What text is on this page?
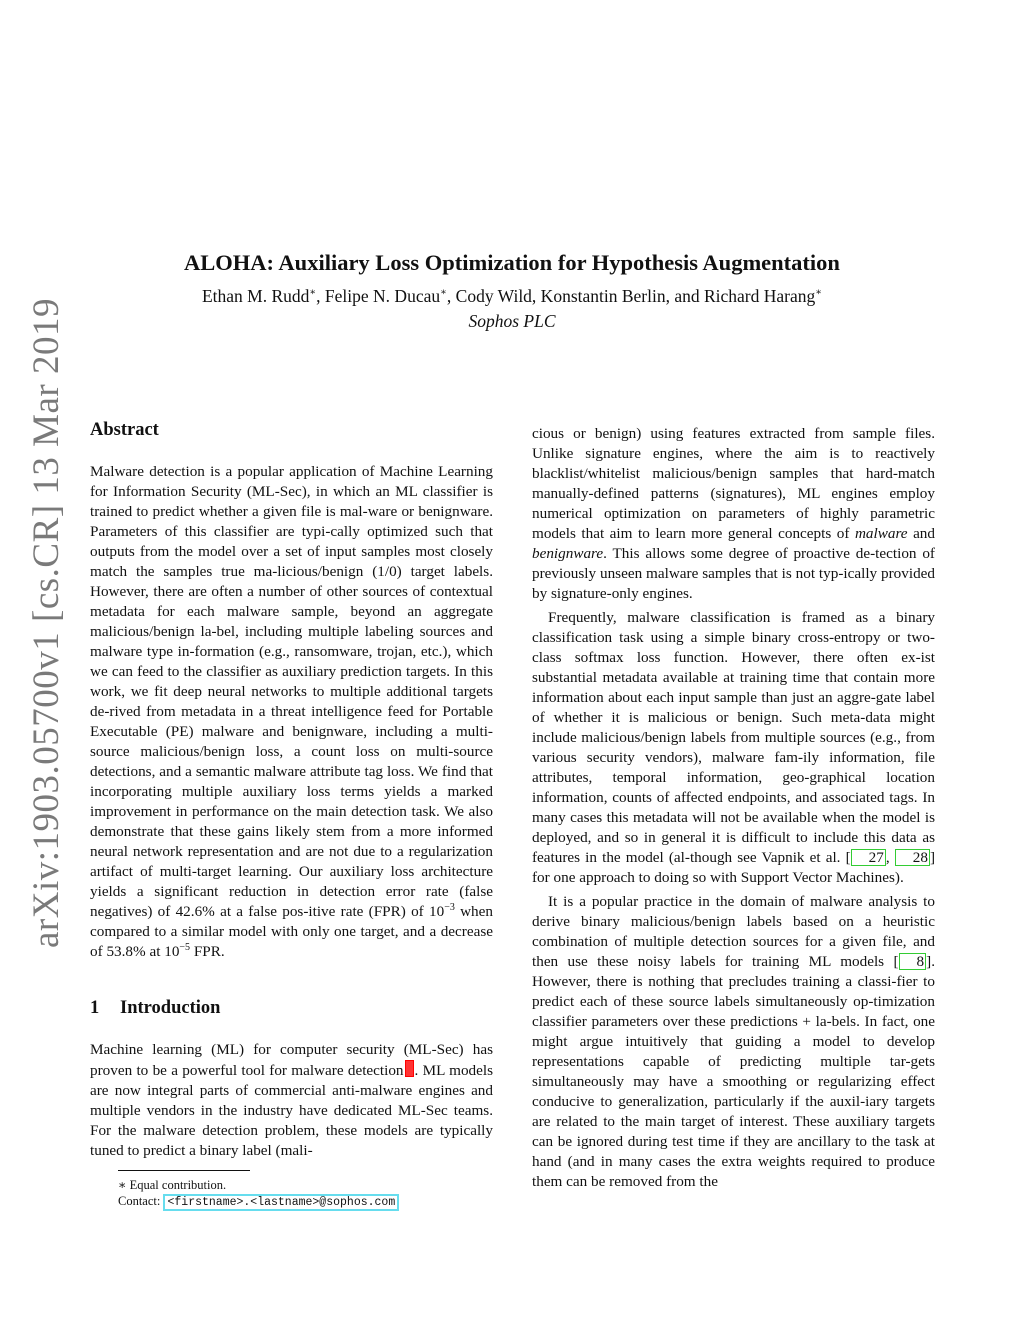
arXiv:1903.05700v1 [cs.CR] 13 Mar 2019
ALOHA: Auxiliary Loss Optimization for Hypothesis Augmentation
Ethan M. Rudd∗, Felipe N. Ducau∗, Cody Wild, Konstantin Berlin, and Richard Harang∗
Sophos PLC
Abstract

Malware detection is a popular application of Machine Learning for Information Security (ML-Sec), in which an ML classifier is trained to predict whether a given file is mal-ware or benignware. Parameters of this classifier are typi-cally optimized such that outputs from the model over a set of input samples most closely match the samples true ma-licious/benign (1/0) target labels. However, there are often a number of other sources of contextual metadata for each malware sample, beyond an aggregate malicious/benign la-bel, including multiple labeling sources and malware type in-formation (e.g., ransomware, trojan, etc.), which we can feed to the classifier as auxiliary prediction targets. In this work, we fit deep neural networks to multiple additional targets de-rived from metadata in a threat intelligence feed for Portable Executable (PE) malware and benignware, including a multi-source malicious/benign loss, a count loss on multi-source detections, and a semantic malware attribute tag loss. We find that incorporating multiple auxiliary loss terms yields a marked improvement in performance on the main detection task. We also demonstrate that these gains likely stem from a more informed neural network representation and are not due to a regularization artifact of multi-target learning. Our auxiliary loss architecture yields a significant reduction in detection error rate (false negatives) of 42.6% at a false pos-itive rate (FPR) of $10^{-3}$ when compared to a similar model with only one target, and a decrease of 53.8% at $10^{-5}$ FPR.

1 Introduction

Machine learning (ML) for computer security (ML-Sec) has proven to be a powerful tool for malware detection . ML models are now integral parts of commercial anti-malware engines and multiple vendors in the industry have dedicated ML-Sec teams. For the malware detection problem, these models are typically tuned to predict a binary label (mali-

cious or benign) using features extracted from sample files. Unlike signature engines, where the aim is to reactively blacklist/whitelist malicious/benign samples that hard-match manually-defined patterns (signatures), ML engines employ numerical optimization on parameters of highly parametric models that aim to learn more general concepts of malware and benignware. This allows some degree of proactive de-tection of previously unseen malware samples that is not typ-ically provided by signature-only engines.

Frequently, malware classification is framed as a binary classification task using a simple binary cross-entropy or two-class softmax loss function. However, there often ex-ist substantial metadata available at training time that contain more information about each input sample than just an aggre-gate label of whether it is malicious or benign. Such meta-data might include malicious/benign labels from multiple sources (e.g., from various security vendors), malware fam-ily information, file attributes, temporal information, geo-graphical location information, counts of affected endpoints, and associated tags. In many cases this metadata will not be available when the model is deployed, and so in general it is difficult to include this data as features in the model (al-though see Vapnik et al. [ 27 , 28 ] for one approach to doing so with Support Vector Machines).

It is a popular practice in the domain of malware analysis to derive binary malicious/benign labels based on a heuristic combination of multiple detection sources for a given file, and then use these noisy labels for training ML models [ 8 ]. However, there is nothing that precludes training a classi-fier to predict each of these source labels simultaneously op-timization classifier parameters over these predictions + la-bels. In fact, one might argue intuitively that guiding a model to develop representations capable of predicting multiple tar-gets simultaneously may have a smoothing or regularizing effect conducive to generalization, particularly if the auxil-iary targets are related to the main target of interest. These auxiliary targets can be ignored during test time if they are ancillary to the task at hand (and in many cases the extra weights required to produce them can be removed from the

∗ Equal contribution.
Contact: <firstname>.<lastname>@sophos.com
